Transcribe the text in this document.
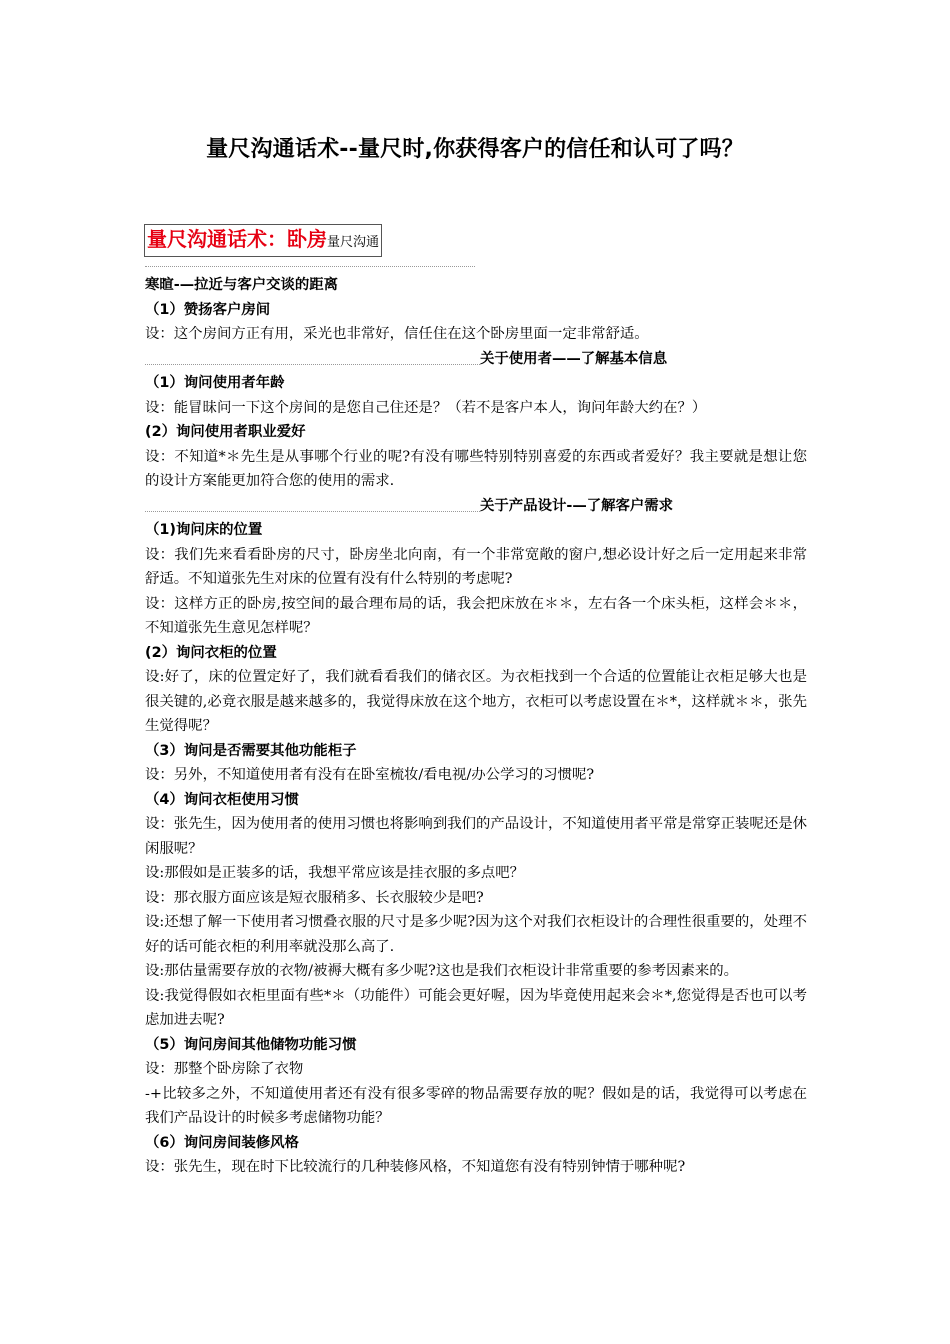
量尺沟通话术--量尺时,你获得客户的信任和认可了吗？
量尺沟通话术：卧房量尺沟通

寒暄-—拉近与客户交谈的距离

（1）赞扬客户房间

设：这个房间方正有用，采光也非常好，信任住在这个卧房里面一定非常舒适。

关于使用者——了解基本信息

（1）询问使用者年龄

设：能冒昧问一下这个房间的是您自己住还是？（若不是客户本人，询问年龄大约在？）

(2）询问使用者职业爱好

设：不知道*＊先生是从事哪个行业的呢?有没有哪些特别特别喜爱的东西或者爱好？我主要就是想让您的设计方案能更加符合您的使用的需求.

关于产品设计-—了解客户需求

（1)询问床的位置

设：我们先来看看卧房的尺寸，卧房坐北向南，有一个非常宽敞的窗户,想必设计好之后一定用起来非常舒适。不知道张先生对床的位置有没有什么特别的考虑呢?

设：这样方正的卧房,按空间的最合理布局的话，我会把床放在＊＊，左右各一个床头柜，这样会＊＊，不知道张先生意见怎样呢？

(2）询问衣柜的位置

设:好了，床的位置定好了，我们就看看我们的储衣区。为衣柜找到一个合适的位置能让衣柜足够大也是很关键的,必竟衣服是越来越多的，我觉得床放在这个地方，衣柜可以考虑设置在＊*，这样就＊＊，张先生觉得呢？

（3）询问是否需要其他功能柜子

设：另外，不知道使用者有没有在卧室梳妆/看电视/办公学习的习惯呢?

（4）询问衣柜使用习惯

设：张先生，因为使用者的使用习惯也将影响到我们的产品设计，不知道使用者平常是常穿正装呢还是休闲服呢？

设:那假如是正装多的话，我想平常应该是挂衣服的多点吧？

设：那衣服方面应该是短衣服稍多、长衣服较少是吧?

设:还想了解一下使用者习惯叠衣服的尺寸是多少呢?因为这个对我们衣柜设计的合理性很重要的，处理不好的话可能衣柜的利用率就没那么高了.

设:那估量需要存放的衣物/被褥大概有多少呢?这也是我们衣柜设计非常重要的参考因素来的。

设:我觉得假如衣柜里面有些*＊（功能件）可能会更好喔，因为毕竟使用起来会＊*,您觉得是否也可以考虑加进去呢?

（5）询问房间其他储物功能习惯

设：那整个卧房除了衣物

-+比较多之外，不知道使用者还有没有很多零碎的物品需要存放的呢？假如是的话，我觉得可以考虑在我们产品设计的时候多考虑储物功能？

（6）询问房间装修风格

设：张先生，现在时下比较流行的几种装修风格，不知道您有没有特别钟情于哪种呢?
